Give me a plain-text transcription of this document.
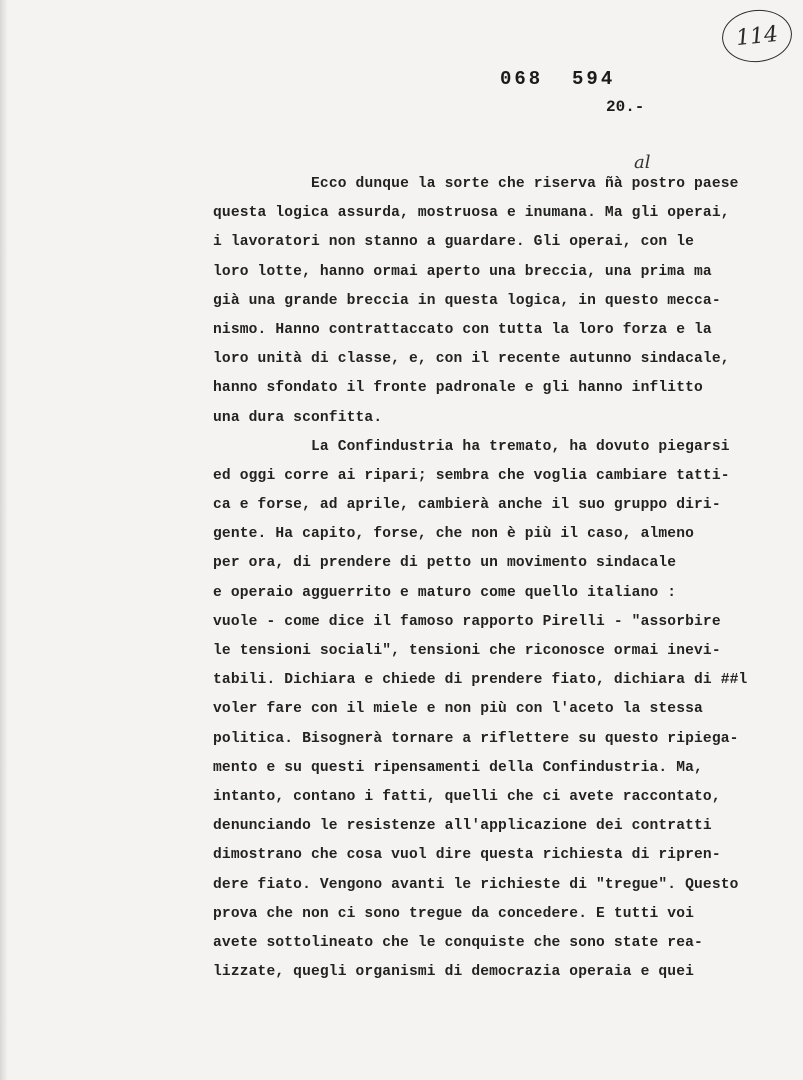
114
068  594
20.-
al
Ecco dunque la sorte che riserva ñà postro paese
questa logica assurda, mostruosa e inumana. Ma gli operai,
i lavoratori non stanno a guardare. Gli operai, con le
loro lotte, hanno ormai aperto una breccia, una prima ma
già una grande breccia in questa logica, in questo mecca-
nismo. Hanno contrattaccato con tutta la loro forza e la
loro unità di classe, e, con il recente autunno sindacale,
hanno sfondato il fronte padronale e gli hanno inflitto
una dura sconfitta.
La Confindustria ha tremato, ha dovuto piegarsi
ed oggi corre ai ripari; sembra che voglia cambiare tatti-
ca e forse, ad aprile, cambierà anche il suo gruppo diri-
gente. Ha capito, forse, che non è più il caso, almeno
per ora, di prendere di petto un movimento sindacale
e operaio agguerrito e maturo come quello italiano :
vuole - come dice il famoso rapporto Pirelli - "assorbire
le tensioni sociali", tensioni che riconosce ormai inevi-
tabili. Dichiara e chiede di prendere fiato, dichiara di ##l
voler fare con il miele e non più con l'aceto la stessa
politica. Bisognerà tornare a riflettere su questo ripiega-
mento e su questi ripensamenti della Confindustria. Ma,
intanto, contano i fatti, quelli che ci avete raccontato,
denunciando le resistenze all'applicazione dei contratti
dimostrano che cosa vuol dire questa richiesta di ripren-
dere fiato. Vengono avanti le richieste di "tregue". Questo
prova che non ci sono tregue da concedere. E tutti voi
avete sottolineato che le conquiste che sono state rea-
lizzate, quegli organismi di democrazia operaia e quei
